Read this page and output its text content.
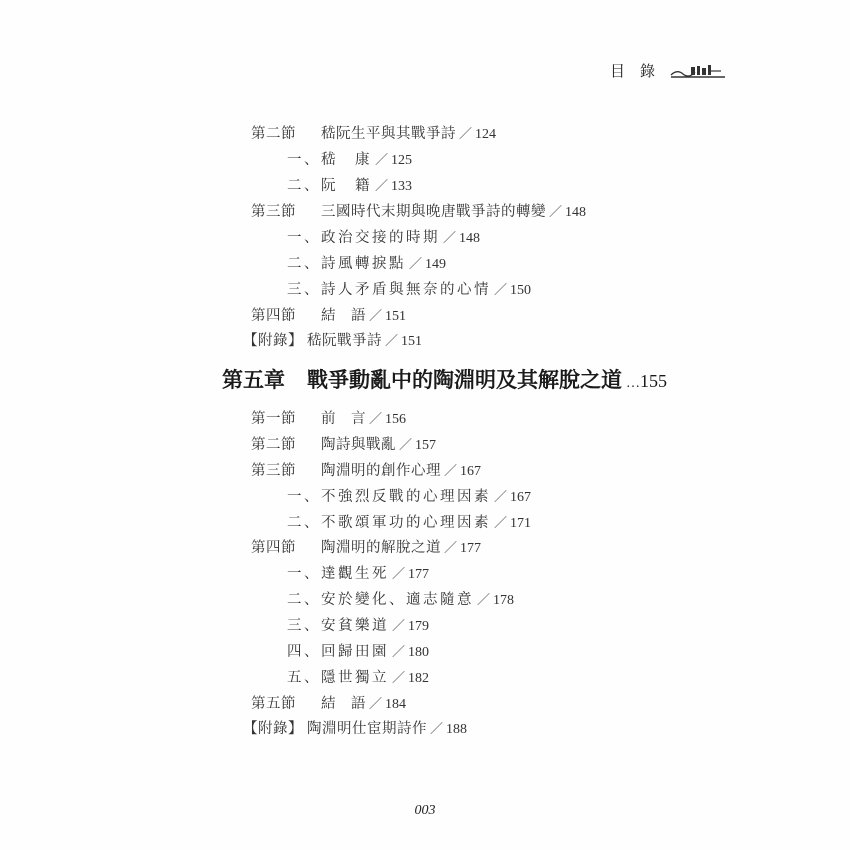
目　錄
第二節 嵇阮生平與其戰爭詩 ／ 124
一、嵇　康 ／ 125
二、阮　籍 ／ 133
第三節 三國時代末期與晚唐戰爭詩的轉變 ／ 148
一、政治交接的時期 ／ 148
二、詩風轉捩點 ／ 149
三、詩人矛盾與無奈的心情 ／ 150
第四節 結　語 ／ 151
【附錄】 嵇阮戰爭詩 ／ 151
第五章 戰爭動亂中的陶淵明及其解脫之道 …155
第一節 前　言 ／ 156
第二節 陶詩與戰亂 ／ 157
第三節 陶淵明的創作心理 ／ 167
一、不強烈反戰的心理因素 ／ 167
二、不歌頌軍功的心理因素 ／ 171
第四節 陶淵明的解脫之道 ／ 177
一、達觀生死 ／ 177
二、安於變化、適志隨意 ／ 178
三、安貧樂道 ／ 179
四、回歸田園 ／ 180
五、隱世獨立 ／ 182
第五節 結　語 ／ 184
【附錄】 陶淵明仕宦期詩作 ／ 188
003
